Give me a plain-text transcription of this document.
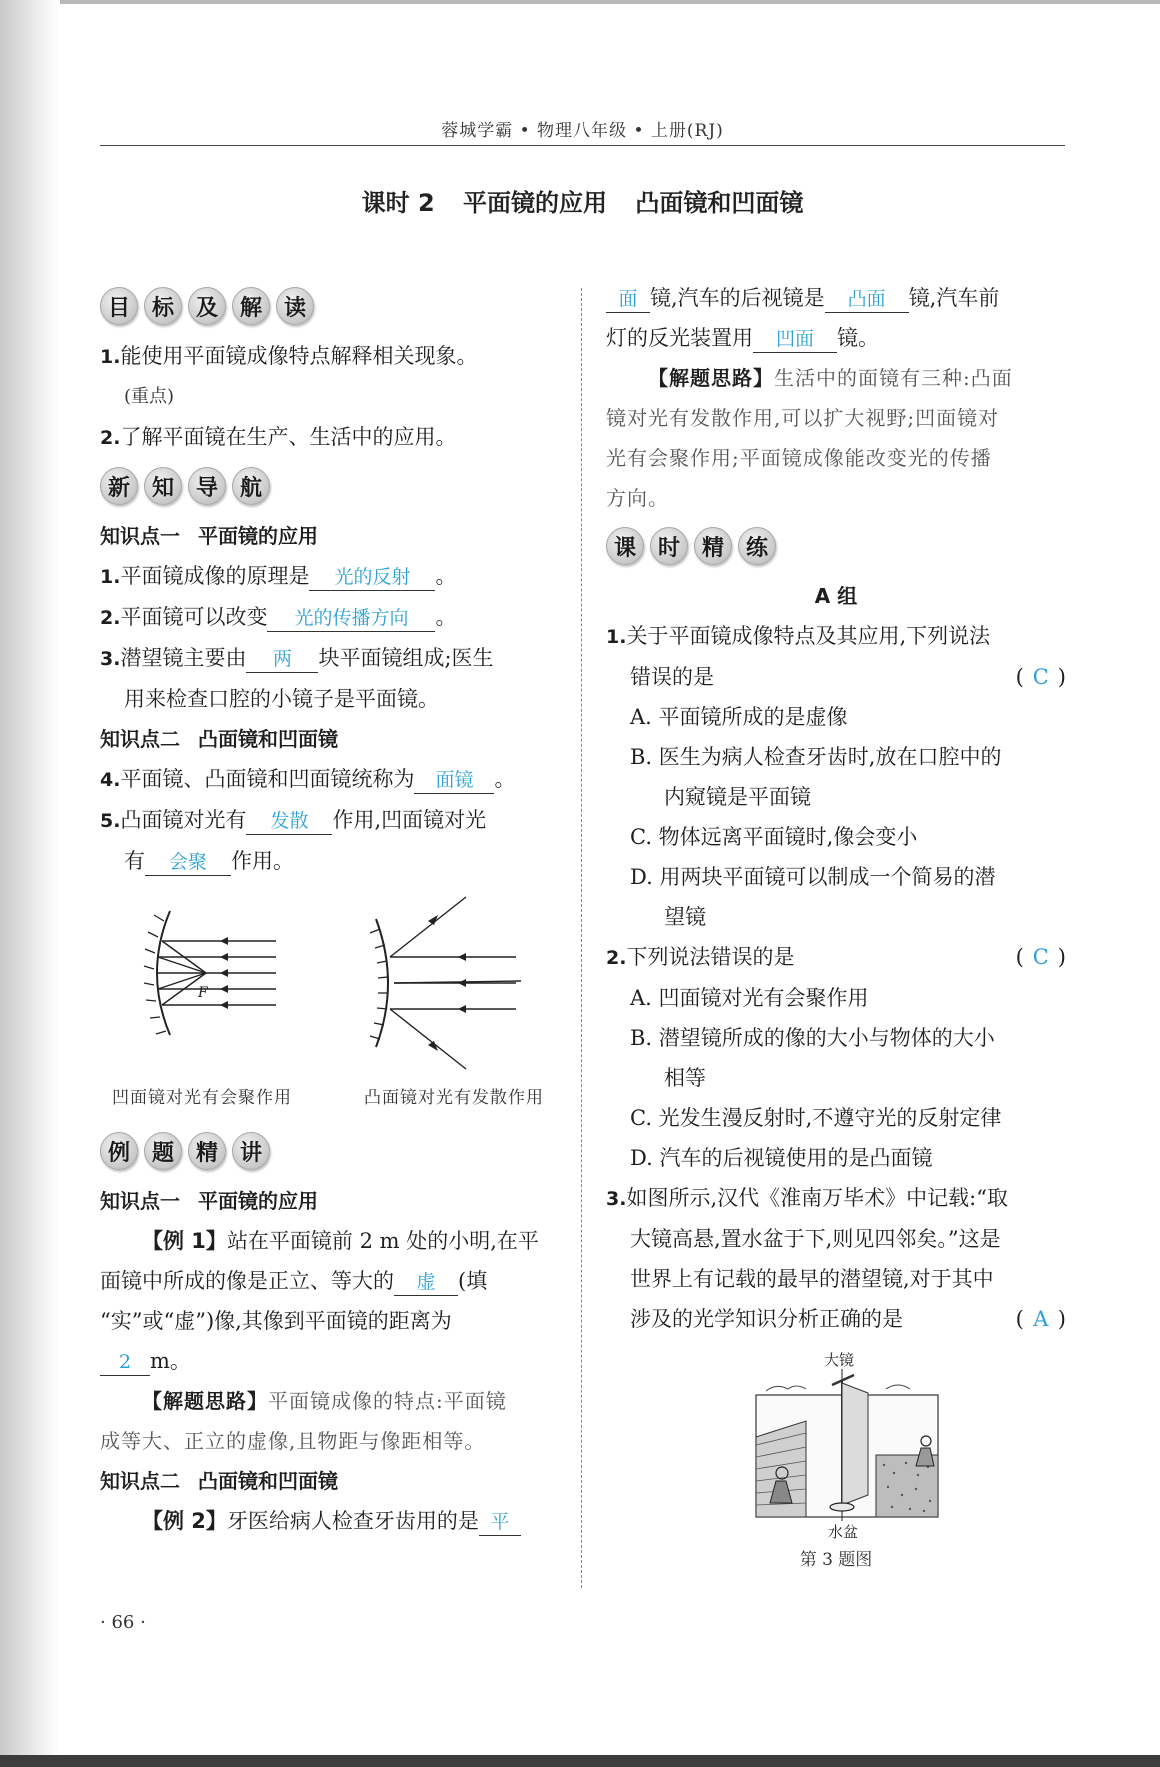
蓉城学霸 • 物理八年级 • 上册(RJ)
课时 2 平面镜的应用 凸面镜和凹面镜
目 标 及 解 读
1.能使用平面镜成像特点解释相关现象。
(重点)
2.了解平面镜在生产、生活中的应用。
新 知 导 航
知识点一 平面镜的应用
1.平面镜成像的原理是 光的反射 。
2.平面镜可以改变 光的传播方向 。
3.潜望镜主要由 两 块平面镜组成;医生
用来检查口腔的小镜子是平面镜。
知识点二 凸面镜和凹面镜
4.平面镜、凸面镜和凹面镜统称为 面镜 。
5.凸面镜对光有 发散 作用,凹面镜对光
有 会聚 作用。
F
凹面镜对光有会聚作用	凸面镜对光有发散作用
例 题 精 讲
知识点一 平面镜的应用
【例 1】站在平面镜前 2 m 处的小明,在平
面镜中所成的像是正立、等大的 虚 (填
“实”或“虚”)像,其像到平面镜的距离为
2 m。
【解题思路】平面镜成像的特点:平面镜
成等大、正立的虚像,且物距与像距相等。
知识点二 凸面镜和凹面镜
【例 2】牙医给病人检查牙齿用的是 平
面 镜,汽车的后视镜是 凸面 镜,汽车前
灯的反光装置用 凹面 镜。
【解题思路】生活中的面镜有三种:凸面
镜对光有发散作用,可以扩大视野;凹面镜对
光有会聚作用;平面镜成像能改变光的传播
方向。
课 时 精 练
A 组
1.关于平面镜成像特点及其应用,下列说法
错误的是	( C )
A. 平面镜所成的是虚像
B. 医生为病人检查牙齿时,放在口腔中的
内窥镜是平面镜
C. 物体远离平面镜时,像会变小
D. 用两块平面镜可以制成一个简易的潜
望镜
2.下列说法错误的是	( C )
A. 凹面镜对光有会聚作用
B. 潜望镜所成的像的大小与物体的大小
相等
C. 光发生漫反射时,不遵守光的反射定律
D. 汽车的后视镜使用的是凸面镜
3.如图所示,汉代《淮南万毕术》中记载:“取
大镜高悬,置水盆于下,则见四邻矣。”这是
世界上有记载的最早的潜望镜,对于其中
涉及的光学知识分析正确的是	( A )
大镜
水盆
第 3 题图
· 66 ·
